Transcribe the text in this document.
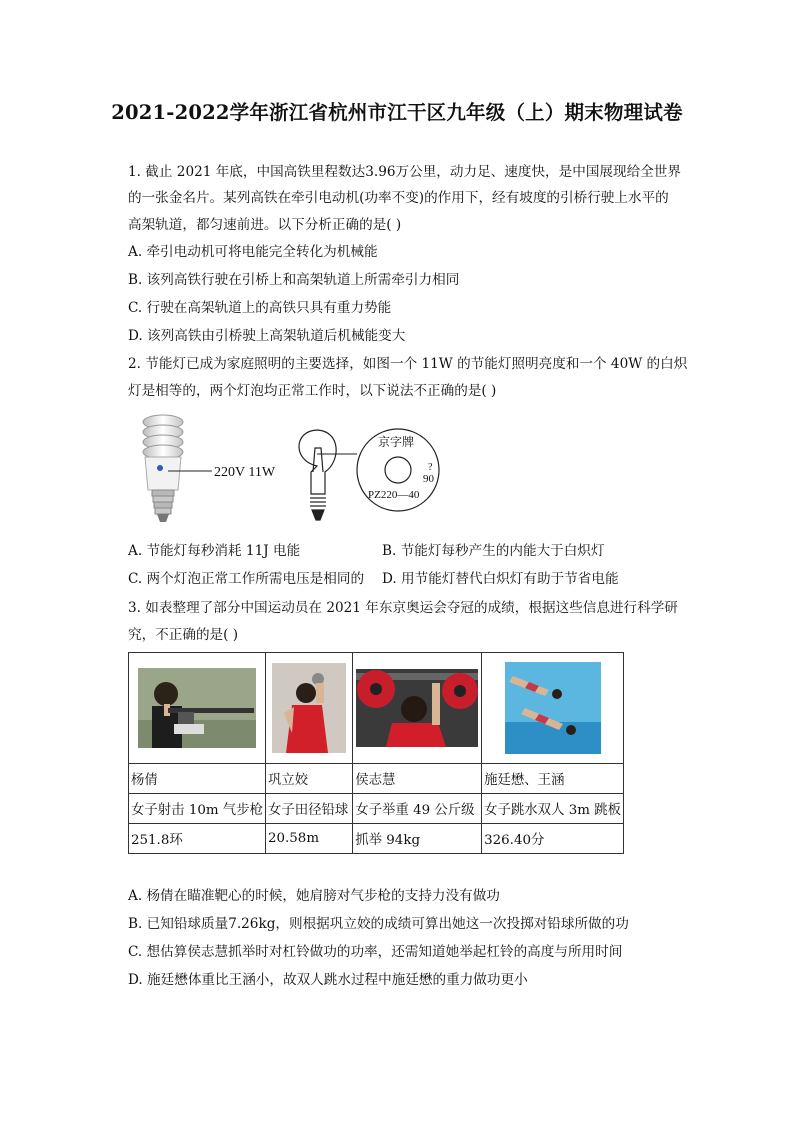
2021-2022学年浙江省杭州市江干区九年级（上）期末物理试卷
1. 截止 2021 年底，中国高铁里程数达3.96万公里，动力足、速度快，是中国展现给全世界
的一张金名片。某列高铁在牵引电动机(功率不变)的作用下，经有坡度的引桥行驶上水平的
高架轨道，都匀速前进。以下分析正确的是( )
A. 牵引电动机可将电能完全转化为机械能
B. 该列高铁行驶在引桥上和高架轨道上所需牵引力相同
C. 行驶在高架轨道上的高铁只具有重力势能
D. 该列高铁由引桥驶上高架轨道后机械能变大
2. 节能灯已成为家庭照明的主要选择，如图一个 11W 的节能灯照明亮度和一个 40W 的白炽
灯是相等的，两个灯泡均正常工作时，以下说法不正确的是( )
220V 11W
京字牌
?
90
PZ220—40
A. 节能灯每秒消耗 11J 电能	B. 节能灯每秒产生的内能大于白炽灯
C. 两个灯泡正常工作所需电压是相同的 D. 用节能灯替代白炽灯有助于节省电能
3. 如表整理了部分中国运动员在 2021 年东京奥运会夺冠的成绩，根据这些信息进行科学研
究，不正确的是( )

杨倩	巩立姣	侯志慧	施廷懋、王涵
女子射击 10m 气步枪	女子田径铅球	女子举重 49 公斤级	女子跳水双人 3m 跳板
251.8环	20.58m	抓举 94kg	326.40分
A. 杨倩在瞄准靶心的时候，她肩膀对气步枪的支持力没有做功
B. 已知铅球质量7.26kg，则根据巩立姣的成绩可算出她这一次投掷对铅球所做的功
C. 想估算侯志慧抓举时对杠铃做功的功率，还需知道她举起杠铃的高度与所用时间
D. 施廷懋体重比王涵小，故双人跳水过程中施廷懋的重力做功更小
